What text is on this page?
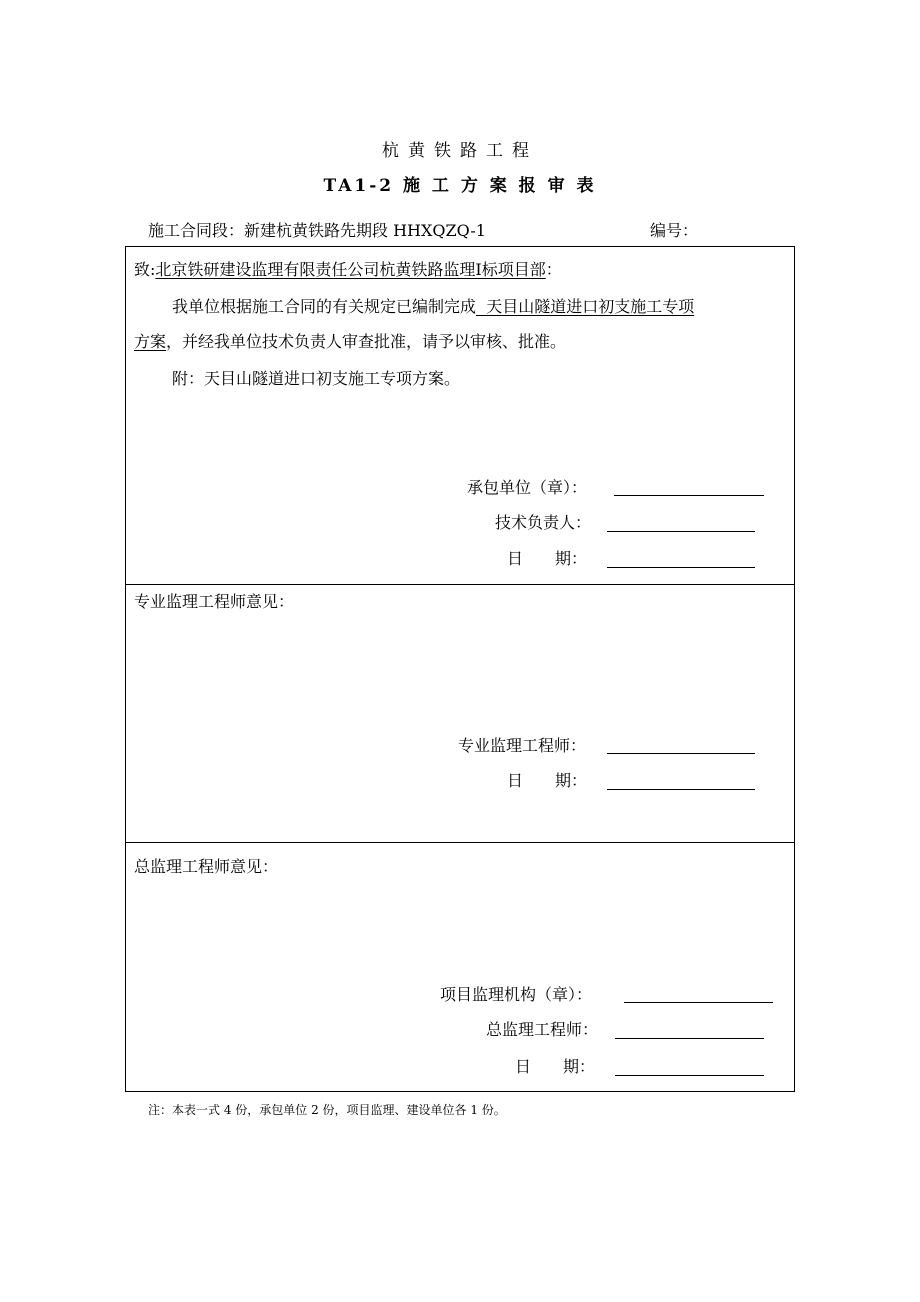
杭黄铁路工程
TA1-2 施 工 方 案 报 审 表
施工合同段：新建杭黄铁路先期段 HHXQZQ-1	编号：
致:北京铁研建设监理有限责任公司杭黄铁路监理Ⅰ标项目部：
我单位根据施工合同的有关规定已编制完成  天目山隧道进口初支施工专项
方案，并经我单位技术负责人审查批准，请予以审核、批准。
附：天目山隧道进口初支施工专项方案。
承包单位（章）：
技术负责人：
日　　期：
专业监理工程师意见：
专业监理工程师：
日　　期：
总监理工程师意见：
项目监理机构（章）：
总监理工程师：
日　　期：
注：本表一式 4 份，承包单位 2 份，项目监理、建设单位各 1 份。
